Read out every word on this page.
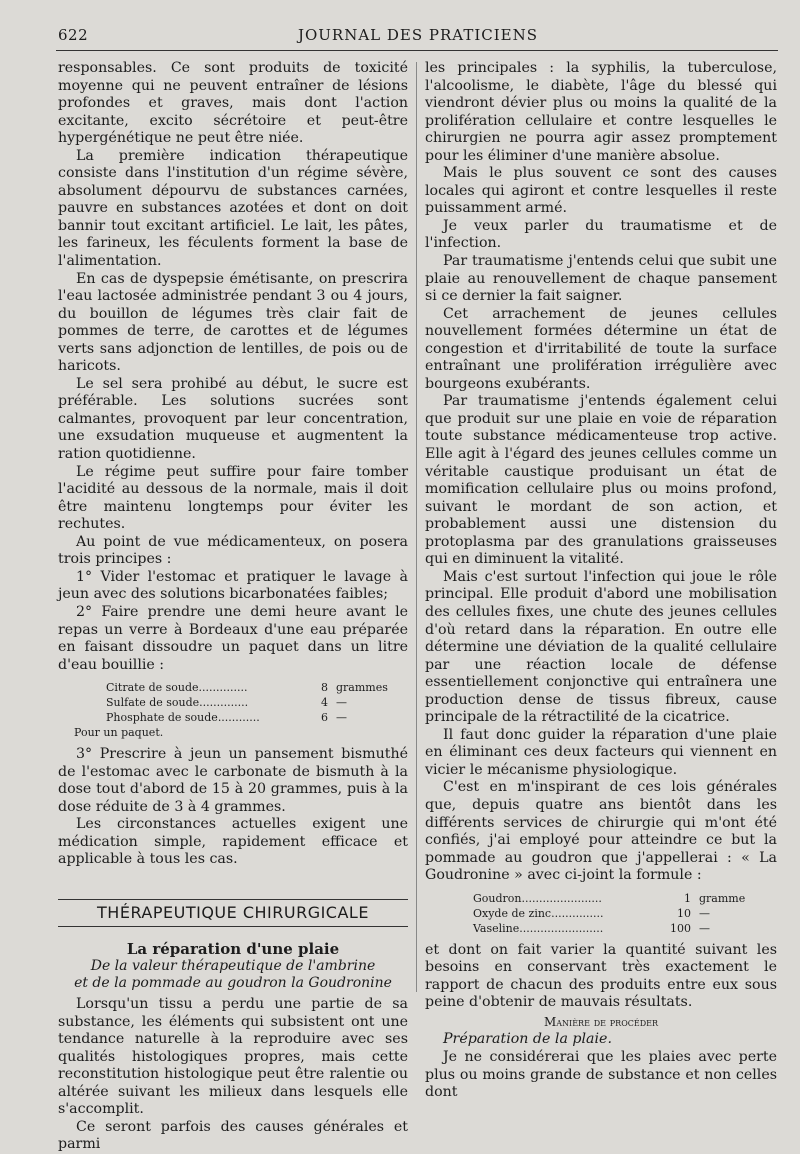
622	JOURNAL DES PRATICIENS

responsables. Ce sont produits de toxicité moyenne qui ne peuvent entraîner de lésions profondes et graves, mais dont l'action excitante, excito sécrétoire et peut-être hypergénétique ne peut être niée.

La première indication thérapeutique consiste dans l'institution d'un régime sévère, absolument dépourvu de substances carnées, pauvre en substances azotées et dont on doit bannir tout excitant artificiel. Le lait, les pâtes, les farineux, les féculents forment la base de l'alimentation.

En cas de dyspepsie émétisante, on prescrira l'eau lactosée administrée pendant 3 ou 4 jours, du bouillon de légumes très clair fait de pommes de terre, de carottes et de légumes verts sans adjonction de lentilles, de pois ou de haricots.

Le sel sera prohibé au début, le sucre est préférable. Les solutions sucrées sont calmantes, provoquent par leur concentration, une exsudation muqueuse et augmentent la ration quotidienne.

Le régime peut suffire pour faire tomber l'acidité au dessous de la normale, mais il doit être maintenu longtemps pour éviter les rechutes.

Au point de vue médicamenteux, on posera trois principes :

1° Vider l'estomac et pratiquer le lavage à jeun avec des solutions bicarbonatées faibles;

2° Faire prendre une demi heure avant le repas un verre à Bordeaux d'une eau préparée en faisant dissoudre un paquet dans un litre d'eau bouillie :

Citrate de soude..............	8 grammes
Sulfate de soude..............	4 —
Phosphate de soude............	6 —
Pour un paquet.

3° Prescrire à jeun un pansement bismuthé de l'estomac avec le carbonate de bismuth à la dose tout d'abord de 15 à 20 grammes, puis à la dose réduite de 3 à 4 grammes.

Les circonstances actuelles exigent une médication simple, rapidement efficace et applicable à tous les cas.

THÉRAPEUTIQUE CHIRURGICALE
La réparation d'une plaie
De la valeur thérapeutique de l'ambrine
et de la pommade au goudron la Goudronine

Lorsqu'un tissu a perdu une partie de sa substance, les éléments qui subsistent ont une tendance naturelle à la reproduire avec ses qualités histologiques propres, mais cette reconstitution histologique peut être ralentie ou altérée suivant les milieux dans lesquels elle s'accomplit.

Ce seront parfois des causes générales et parmi

les principales : la syphilis, la tuberculose, l'alcoolisme, le diabète, l'âge du blessé qui viendront dévier plus ou moins la qualité de la prolifération cellulaire et contre lesquelles le chirurgien ne pourra agir assez promptement pour les éliminer d'une manière absolue.

Mais le plus souvent ce sont des causes locales qui agiront et contre lesquelles il reste puissamment armé.

Je veux parler du traumatisme et de l'infection.

Par traumatisme j'entends celui que subit une plaie au renouvellement de chaque pansement si ce dernier la fait saigner.

Cet arrachement de jeunes cellules nouvellement formées détermine un état de congestion et d'irritabilité de toute la surface entraînant une prolifération irrégulière avec bourgeons exubérants.

Par traumatisme j'entends également celui que produit sur une plaie en voie de réparation toute substance médicamenteuse trop active. Elle agit à l'égard des jeunes cellules comme un véritable caustique produisant un état de momification cellulaire plus ou moins profond, suivant le mordant de son action, et probablement aussi une distension du protoplasma par des granulations graisseuses qui en diminuent la vitalité.

Mais c'est surtout l'infection qui joue le rôle principal. Elle produit d'abord une mobilisation des cellules fixes, une chute des jeunes cellules d'où retard dans la réparation. En outre elle détermine une déviation de la qualité cellulaire par une réaction locale de défense essentiellement conjonctive qui entraînera une production dense de tissus fibreux, cause principale de la rétractilité de la cicatrice.

Il faut donc guider la réparation d'une plaie en éliminant ces deux facteurs qui viennent en vicier le mécanisme physiologique.

C'est en m'inspirant de ces lois générales que, depuis quatre ans bientôt dans les différents services de chirurgie qui m'ont été confiés, j'ai employé pour atteindre ce but la pommade au goudron que j'appellerai : « La Goudronine » avec ci-joint la formule :

Goudron.......................	1 gramme
Oxyde de zinc...............	10 —
Vaseline........................	100 —

et dont on fait varier la quantité suivant les besoins en conservant très exactement le rapport de chacun des produits entre eux sous peine d'obtenir de mauvais résultats.

Manière de procéder

Préparation de la plaie.

Je ne considérerai que les plaies avec perte plus ou moins grande de substance et non celles dont
